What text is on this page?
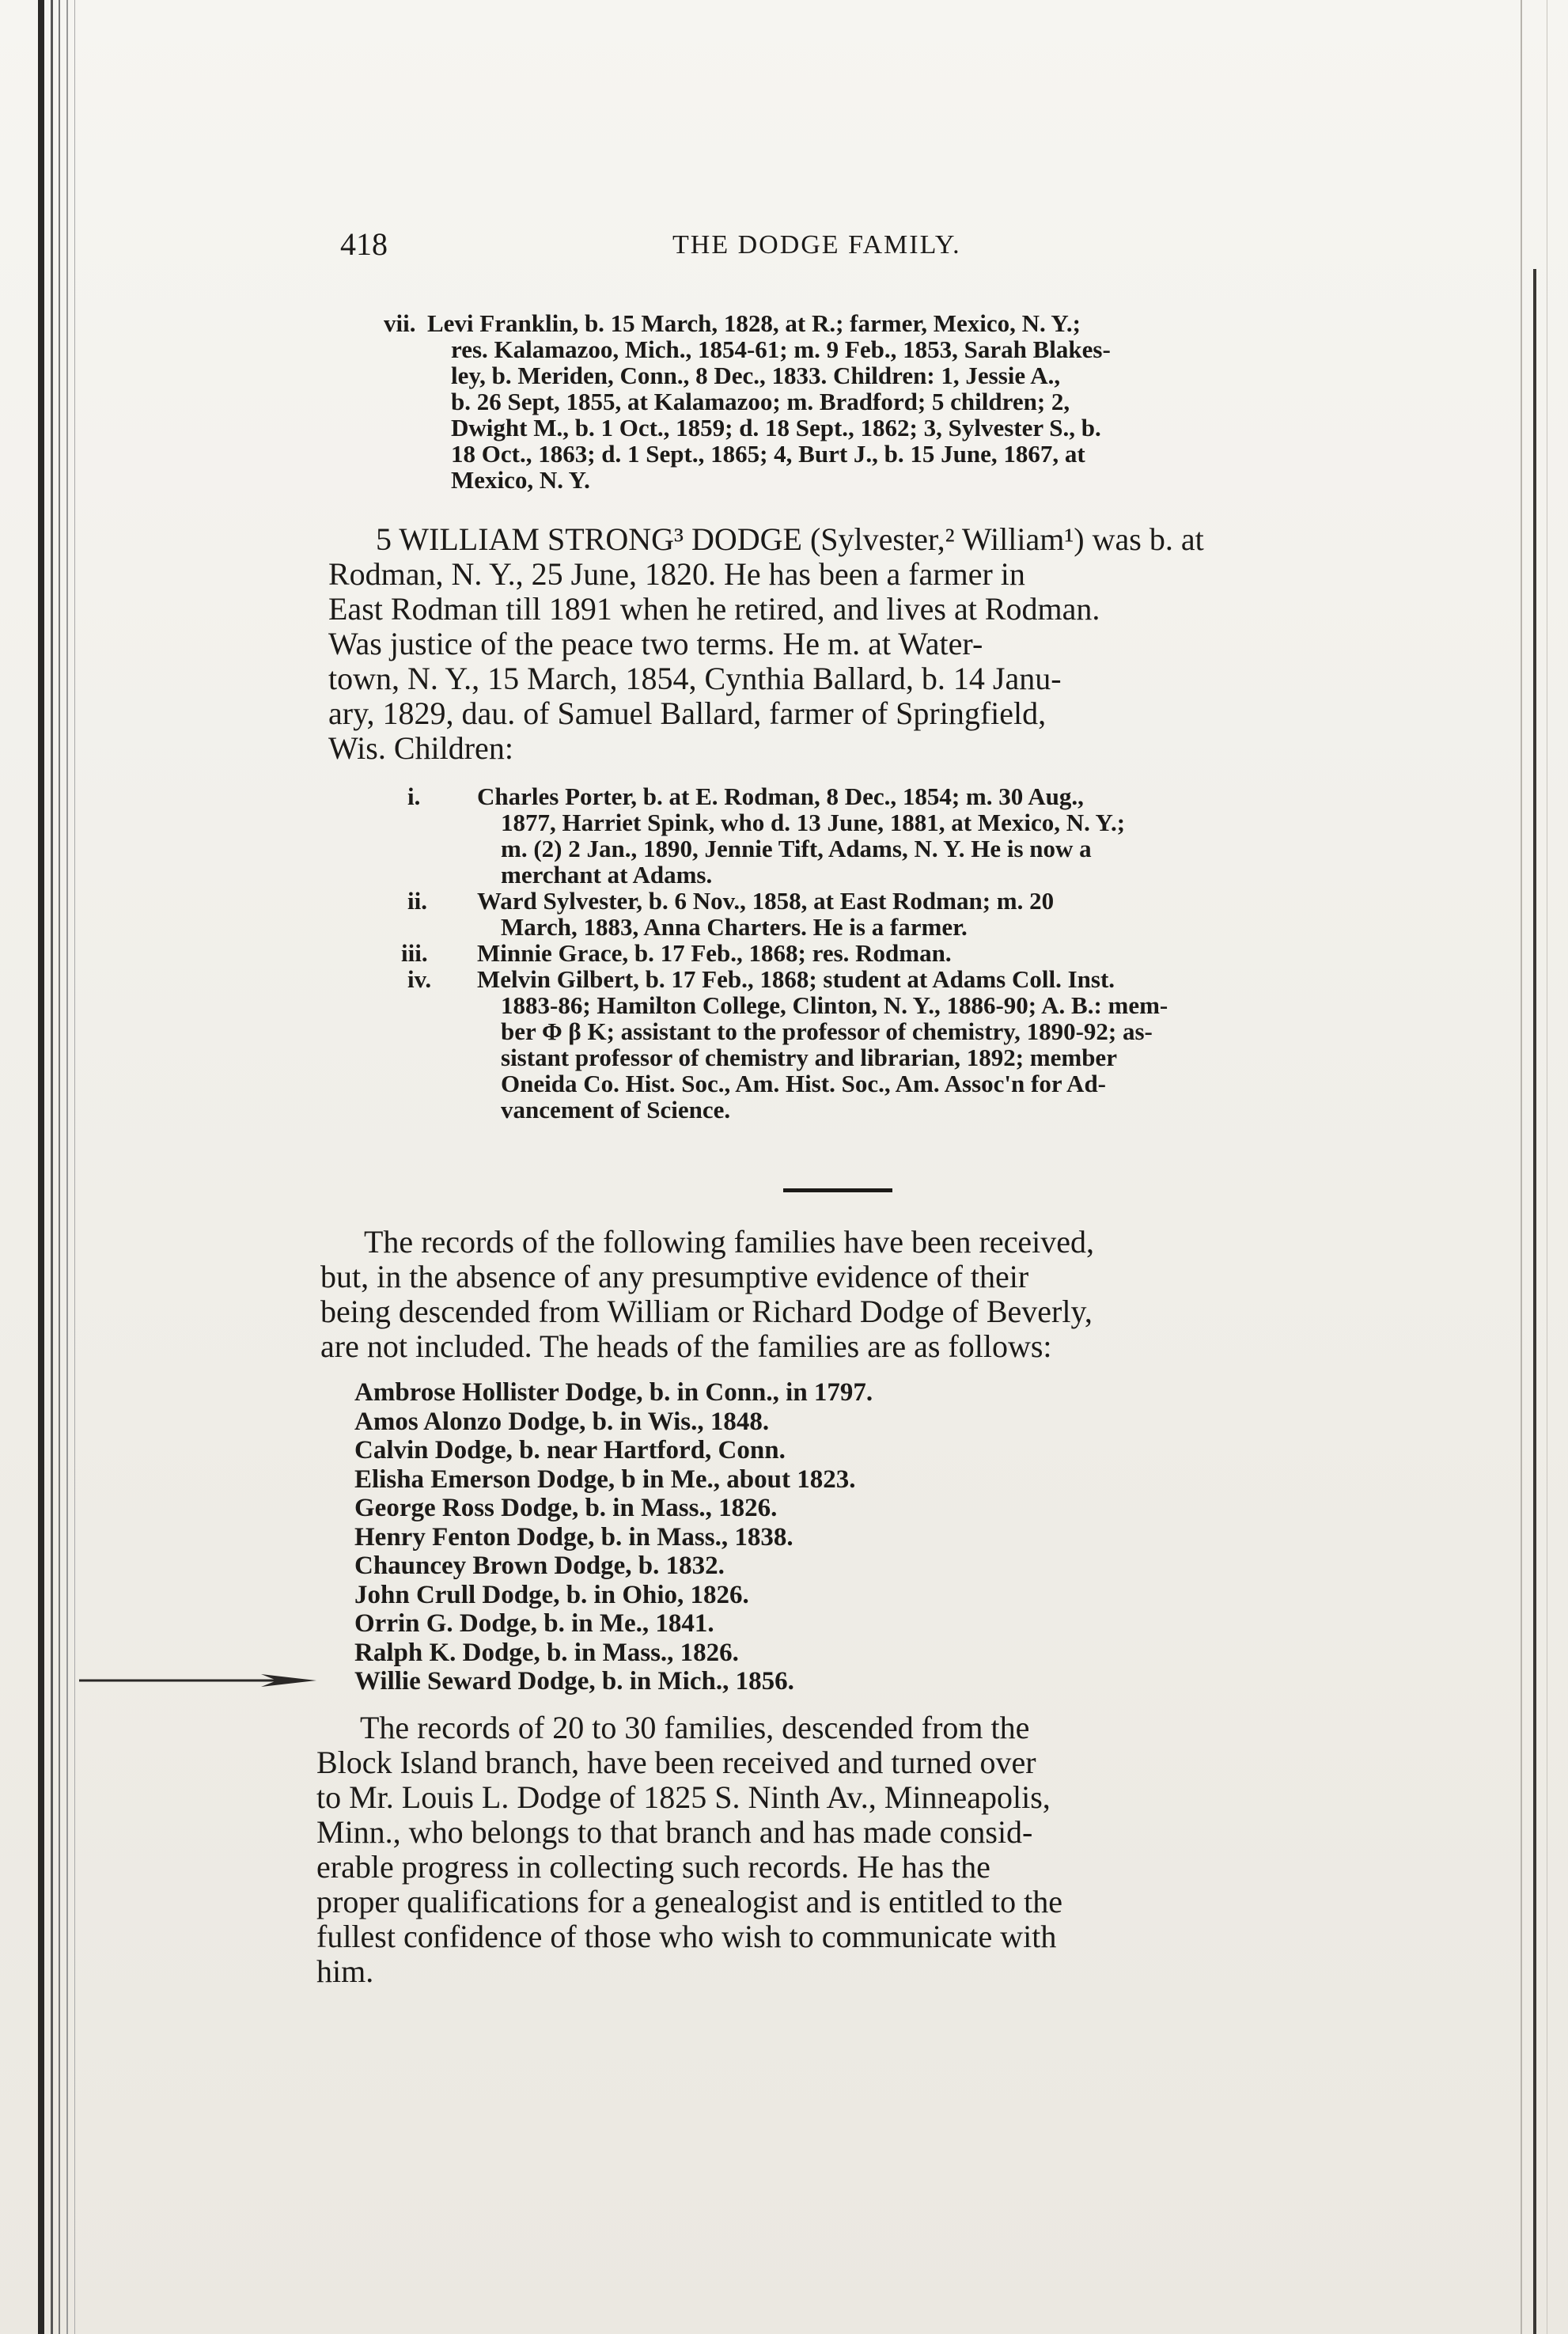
418	THE DODGE FAMILY.
vii. Levi Franklin, b. 15 March, 1828, at R.; farmer, Mexico, N. Y.;
res. Kalamazoo, Mich., 1854-61; m. 9 Feb., 1853, Sarah Blakes-
ley, b. Meriden, Conn., 8 Dec., 1833. Children: 1, Jessie A.,
b. 26 Sept, 1855, at Kalamazoo; m. Bradford; 5 children; 2,
Dwight M., b. 1 Oct., 1859; d. 18 Sept., 1862; 3, Sylvester S., b.
18 Oct., 1863; d. 1 Sept., 1865; 4, Burt J., b. 15 June, 1867, at
Mexico, N. Y.
5 WILLIAM STRONG³ DODGE (Sylvester,² William¹) was b. at
Rodman, N. Y., 25 June, 1820. He has been a farmer in
East Rodman till 1891 when he retired, and lives at Rodman.
Was justice of the peace two terms. He m. at Water-
town, N. Y., 15 March, 1854, Cynthia Ballard, b. 14 Janu-
ary, 1829, dau. of Samuel Ballard, farmer of Springfield,
Wis. Children:
i.	Charles Porter, b. at E. Rodman, 8 Dec., 1854; m. 30 Aug.,
1877, Harriet Spink, who d. 13 June, 1881, at Mexico, N. Y.;
m. (2) 2 Jan., 1890, Jennie Tift, Adams, N. Y. He is now a
merchant at Adams.
ii.	Ward Sylvester, b. 6 Nov., 1858, at East Rodman; m. 20
March, 1883, Anna Charters. He is a farmer.
iii.	Minnie Grace, b. 17 Feb., 1868; res. Rodman.
iv.	Melvin Gilbert, b. 17 Feb., 1868; student at Adams Coll. Inst.
1883-86; Hamilton College, Clinton, N. Y., 1886-90; A. B.: mem-
ber Φ β K; assistant to the professor of chemistry, 1890-92; as-
sistant professor of chemistry and librarian, 1892; member
Oneida Co. Hist. Soc., Am. Hist. Soc., Am. Assoc'n for Ad-
vancement of Science.
The records of the following families have been received,
but, in the absence of any presumptive evidence of their
being descended from William or Richard Dodge of Beverly,
are not included. The heads of the families are as follows:
Ambrose Hollister Dodge, b. in Conn., in 1797.
Amos Alonzo Dodge, b. in Wis., 1848.
Calvin Dodge, b. near Hartford, Conn.
Elisha Emerson Dodge, b in Me., about 1823.
George Ross Dodge, b. in Mass., 1826.
Henry Fenton Dodge, b. in Mass., 1838.
Chauncey Brown Dodge, b. 1832.
John Crull Dodge, b. in Ohio, 1826.
Orrin G. Dodge, b. in Me., 1841.
Ralph K. Dodge, b. in Mass., 1826.
Willie Seward Dodge, b. in Mich., 1856.
The records of 20 to 30 families, descended from the
Block Island branch, have been received and turned over
to Mr. Louis L. Dodge of 1825 S. Ninth Av., Minneapolis,
Minn., who belongs to that branch and has made consid-
erable progress in collecting such records. He has the
proper qualifications for a genealogist and is entitled to the
fullest confidence of those who wish to communicate with
him.
